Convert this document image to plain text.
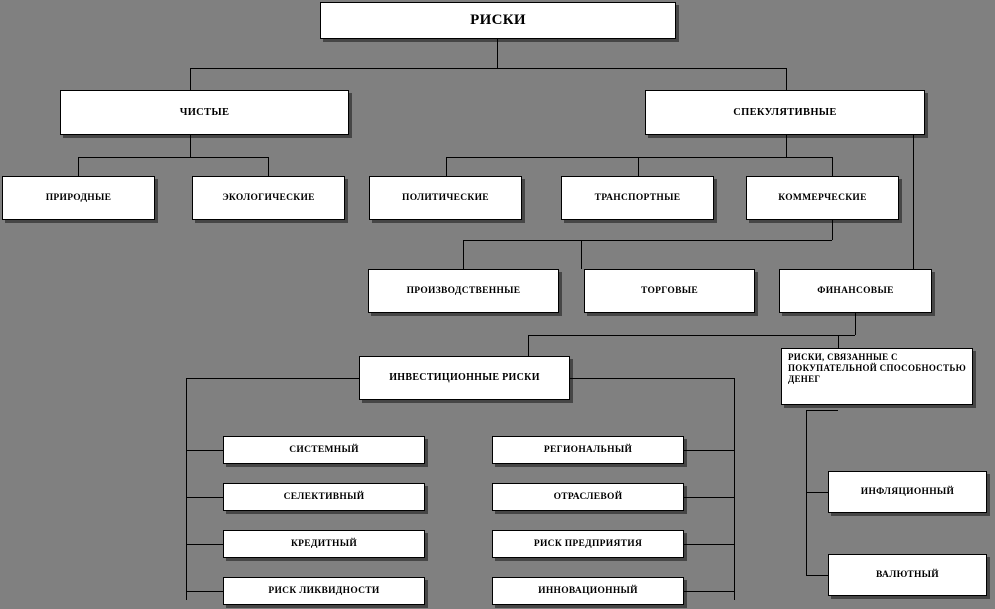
РИСКИ
ЧИСТЫЕ	СПЕКУЛЯТИВНЫЕ
ПРИРОДНЫЕ	ЭКОЛОГИЧЕСКИЕ	ПОЛИТИЧЕСКИЕ	ТРАНСПОРТНЫЕ	КОММЕРЧЕСКИЕ
ПРОИЗВОДСТВЕННЫЕ	ТОРГОВЫЕ	ФИНАНСОВЫЕ
ИНВЕСТИЦИОННЫЕ РИСКИ
РИСКИ, СВЯЗАННЫЕ С ПОКУПАТЕЛЬНОЙ СПОСОБНОСТЬЮ ДЕНЕГ
СИСТЕМНЫЙ
СЕЛЕКТИВНЫЙ
КРЕДИТНЫЙ
РИСК ЛИКВИДНОСТИ
РЕГИОНАЛЬНЫЙ
ОТРАСЛЕВОЙ
РИСК ПРЕДПРИЯТИЯ
ИННОВАЦИОННЫЙ
ИНФЛЯЦИОННЫЙ
ВАЛЮТНЫЙ
